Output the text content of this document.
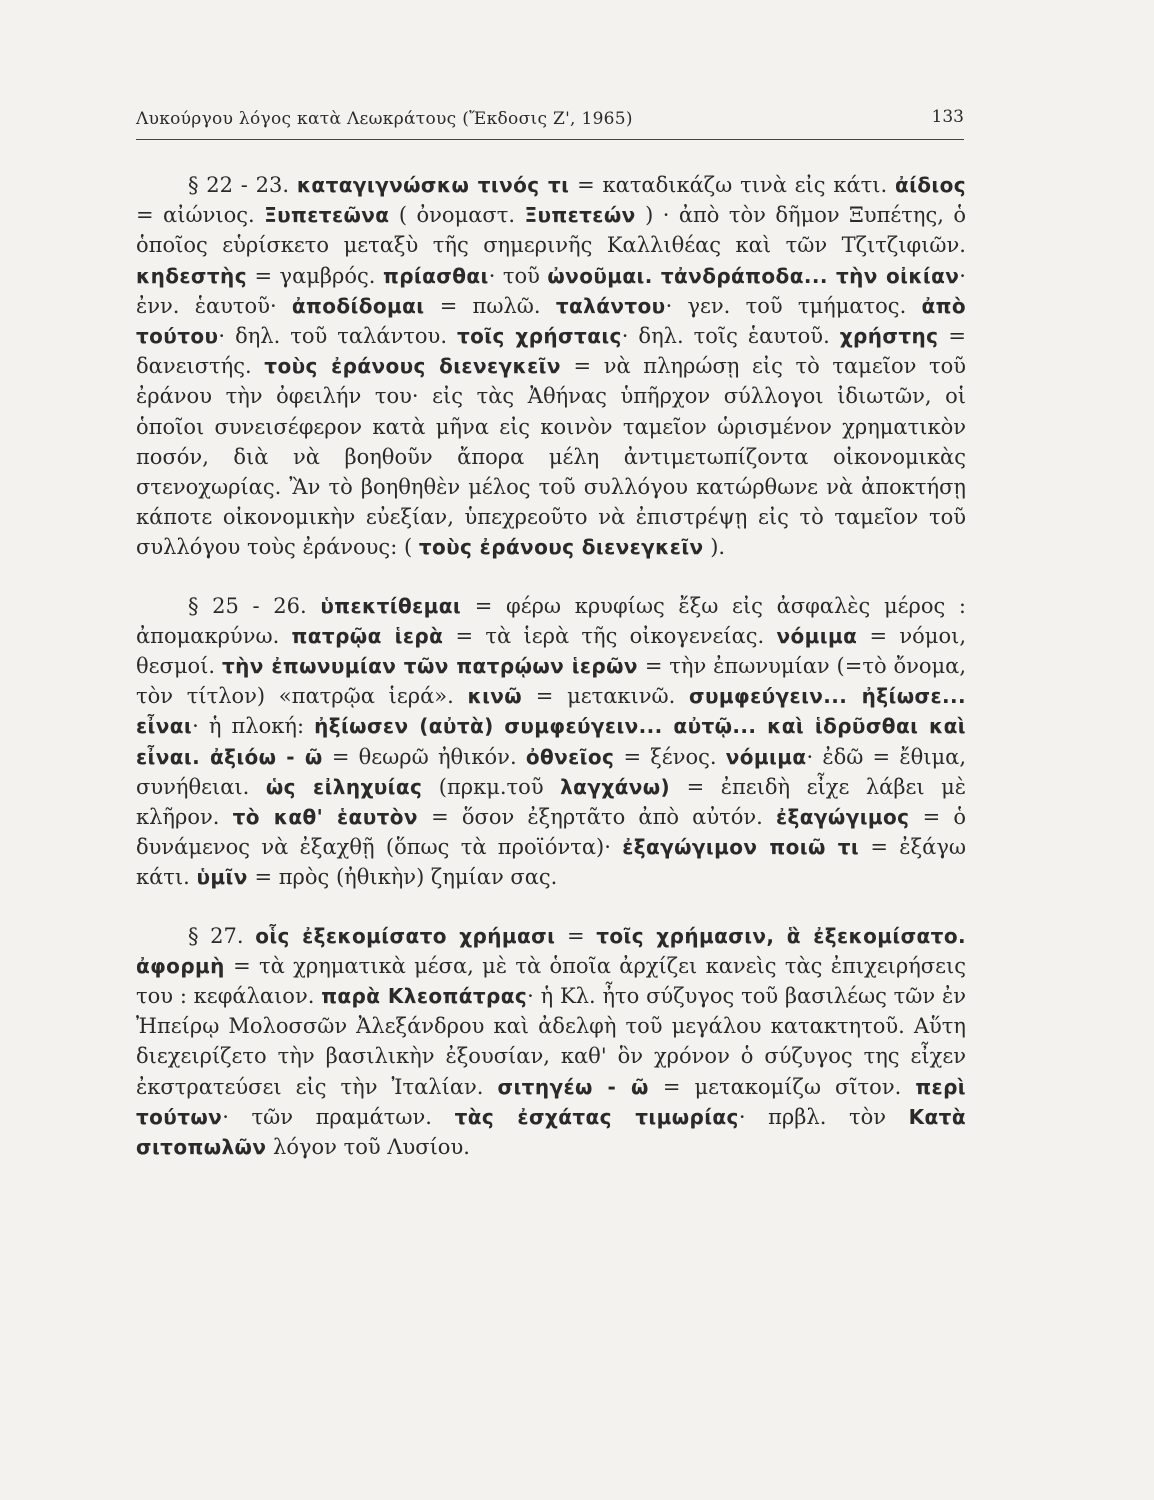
Λυκούργου λόγος κατὰ Λεωκράτους (Ἔκδοσις Ζ', 1965)	133

§ 22 - 23. καταγιγνώσκω τινός τι = καταδικάζω τινὰ εἰς κάτι. ἀίδιος = αἰώνιος. Ξυπετεῶνα ( ὀνομαστ. Ξυπετεών ) · ἀπὸ τὸν δῆμον Ξυπέτης, ὁ ὁποῖος εὑρίσκετο μεταξὺ τῆς σημερινῆς Καλλιθέας καὶ τῶν Τζιτζιφιῶν. κηδεστὴς = γαμβρός. πρίασθαι· τοῦ ὠνοῦμαι. τἀνδράποδα... τὴν οἰκίαν· ἐνν. ἑαυτοῦ· ἀποδίδομαι = πωλῶ. ταλάντου· γεν. τοῦ τμήματος. ἀπὸ τούτου· δηλ. τοῦ ταλάντου. τοῖς χρήσταις· δηλ. τοῖς ἑαυτοῦ. χρήστης = δανειστής. τοὺς ἐράνους διενεγκεῖν = νὰ πληρώσῃ εἰς τὸ ταμεῖον τοῦ ἐράνου τὴν ὀφειλήν του· εἰς τὰς Ἀθήνας ὑπῆρχον σύλλογοι ἰδιωτῶν, οἱ ὁποῖοι συνεισέφερον κατὰ μῆνα εἰς κοινὸν ταμεῖον ὡρισμένον χρηματικὸν ποσόν, διὰ νὰ βοηθοῦν ἄπορα μέλη ἀντιμετωπίζοντα οἰκονομικὰς στενοχωρίας. Ἂν τὸ βοηθηθὲν μέλος τοῦ συλλόγου κατώρθωνε νὰ ἀποκτήσῃ κάποτε οἰκονομικὴν εὐεξίαν, ὑπεχρεοῦτο νὰ ἐπιστρέψῃ εἰς τὸ ταμεῖον τοῦ συλλόγου τοὺς ἐράνους: ( τοὺς ἐράνους διενεγκεῖν ).

§ 25 - 26. ὑπεκτίθεμαι = φέρω κρυφίως ἔξω εἰς ἀσφαλὲς μέρος : ἀπομακρύνω. πατρῷα ἱερὰ = τὰ ἱερὰ τῆς οἰκογενείας. νόμιμα = νόμοι, θεσμοί. τὴν ἐπωνυμίαν τῶν πατρῴων ἱερῶν = τὴν ἐπωνυμίαν (=τὸ ὄνομα, τὸν τίτλον) «πατρῷα ἱερά». κινῶ = μετακινῶ. συμφεύγειν... ἠξίωσε... εἶναι· ἡ πλοκή: ἠξίωσεν (αὐτὰ) συμφεύγειν... αὐτῷ... καὶ ἱδρῦσθαι καὶ εἶναι. ἀξιόω - ῶ = θεωρῶ ἠθικόν. ὀθνεῖος = ξένος. νόμιμα· ἐδῶ = ἔθιμα, συνήθειαι. ὡς εἰληχυίας (πρκμ.τοῦ λαγχάνω) = ἐπειδὴ εἶχε λάβει μὲ κλῆρον. τὸ καθ' ἑαυτὸν = ὅσον ἐξηρτᾶτο ἀπὸ αὐτόν. ἐξαγώγιμος = ὁ δυνάμενος νὰ ἐξαχθῇ (ὅπως τὰ προϊόντα)· ἐξαγώγιμον ποιῶ τι = ἐξάγω κάτι. ὑμῖν = πρὸς (ἠθικὴν) ζημίαν σας.

§ 27. οἷς ἐξεκομίσατο χρήμασι = τοῖς χρήμασιν, ἃ ἐξεκομίσατο. ἀφορμὴ = τὰ χρηματικὰ μέσα, μὲ τὰ ὁποῖα ἀρχίζει κανεὶς τὰς ἐπιχειρήσεις του : κεφάλαιον. παρὰ Κλεοπάτρας· ἡ Κλ. ἦτο σύζυγος τοῦ βασιλέως τῶν ἐν Ἠπείρῳ Μολοσσῶν Ἀλεξάνδρου καὶ ἀδελφὴ τοῦ μεγάλου κατακτητοῦ. Αὕτη διεχειρίζετο τὴν βασιλικὴν ἐξουσίαν, καθ' ὃν χρόνον ὁ σύζυγος της εἶχεν ἐκστρατεύσει εἰς τὴν Ἰταλίαν. σιτηγέω - ῶ = μετακομίζω σῖτον. περὶ τούτων· τῶν πραμάτων. τὰς ἐσχάτας τιμωρίας· πρβλ. τὸν Κατὰ σιτοπωλῶν λόγον τοῦ Λυσίου.
